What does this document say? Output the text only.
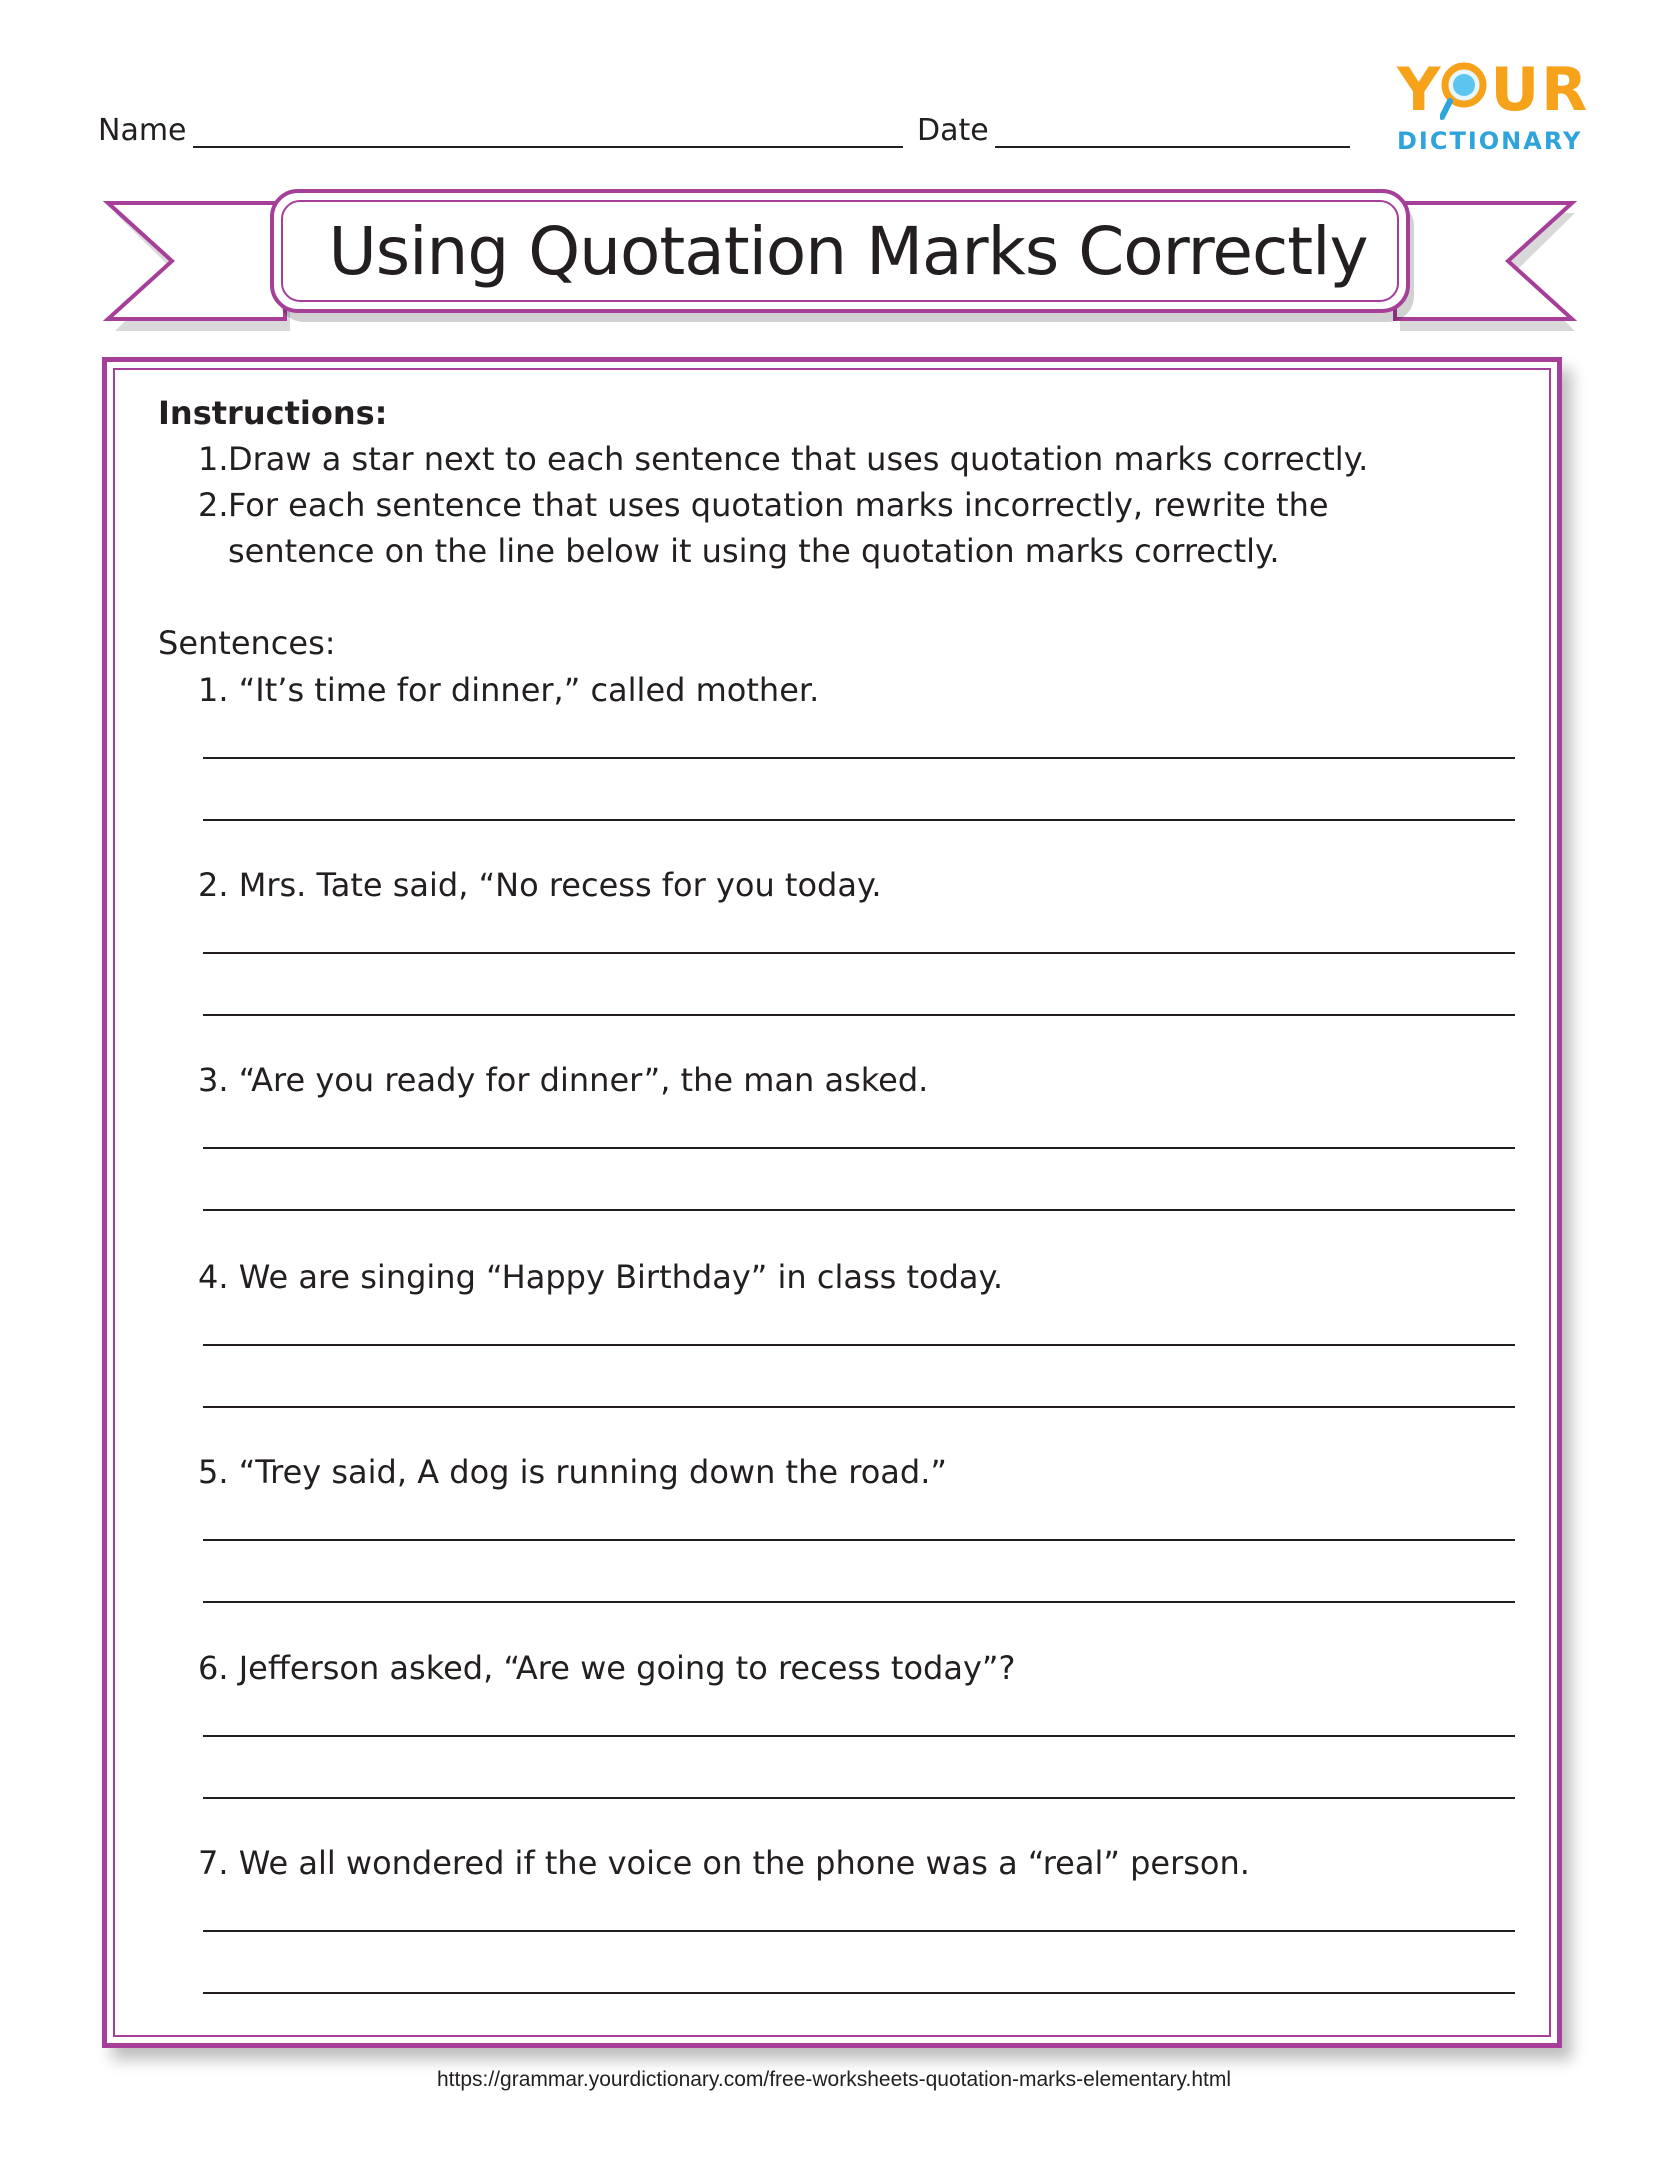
Name	Date
Y UR
DICTIONARY
Using Quotation Marks Correctly
Instructions:
1. Draw a star next to each sentence that uses quotation marks correctly.
2. For each sentence that uses quotation marks incorrectly, rewrite the sentence on the line below it using the quotation marks correctly.
Sentences:
1. “It’s time for dinner,” called mother.
2. Mrs. Tate said, “No recess for you today.
3. “Are you ready for dinner”, the man asked.
4. We are singing “Happy Birthday” in class today.
5. “Trey said, A dog is running down the road.”
6. Jefferson asked, “Are we going to recess today”?
7. We all wondered if the voice on the phone was a “real” person.
https://grammar.yourdictionary.com/free-worksheets-quotation-marks-elementary.html
